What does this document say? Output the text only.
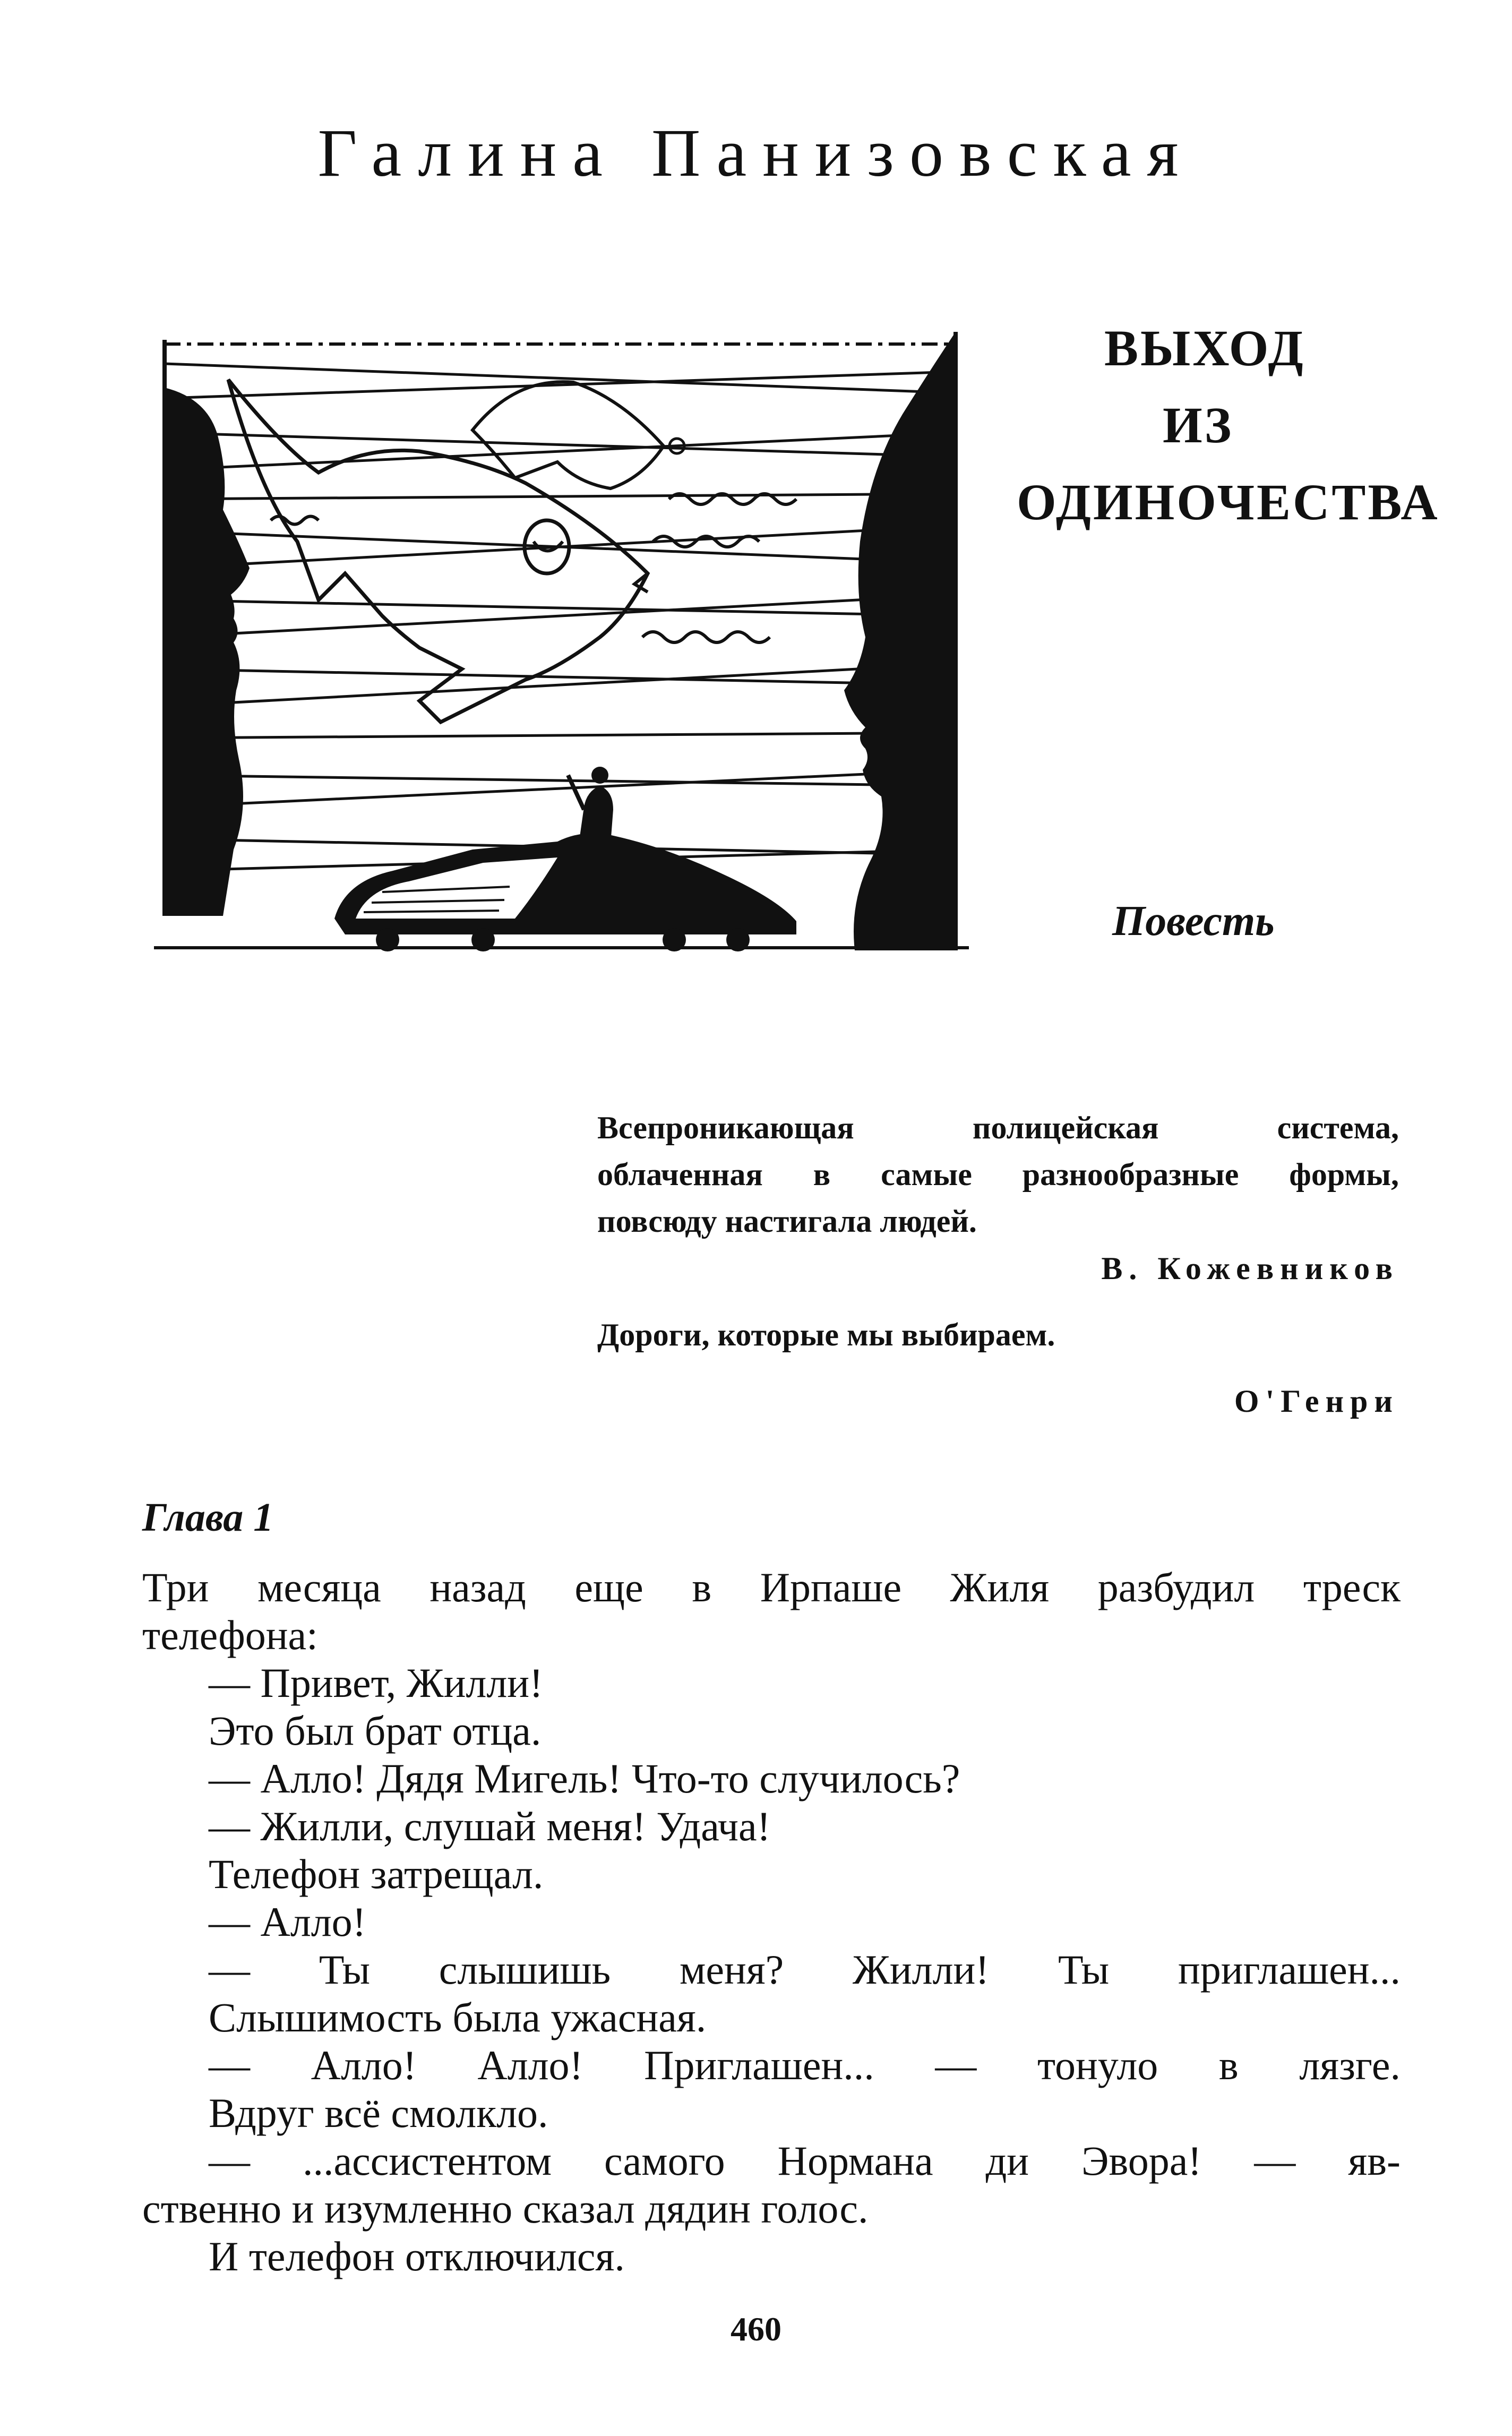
Галина Панизовская
ВЫХОД
ИЗ
ОДИНОЧЕСТВА
Повесть
Всепроникающая полицейская система,
облаченная в самые разнообразные формы,
повсюду настигала людей.
В. Кожевников
Дороги, которые мы выбираем.
О'Генри
Глава 1
Три месяца назад еще в Ирпаше Жиля разбудил треск
телефона:
— Привет, Жилли!
Это был брат отца.
— Алло! Дядя Мигель! Что-то случилось?
— Жилли, слушай меня! Удача!
Телефон затрещал.
— Алло!
— Ты слышишь меня? Жилли! Ты приглашен...
Слышимость была ужасная.
— Алло! Алло! Приглашен... — тонуло в лязге.
Вдруг всё смолкло.
— ...ассистентом самого Нормана ди Эвора! — яв-
ственно и изумленно сказал дядин голос.
И телефон отключился.
460
